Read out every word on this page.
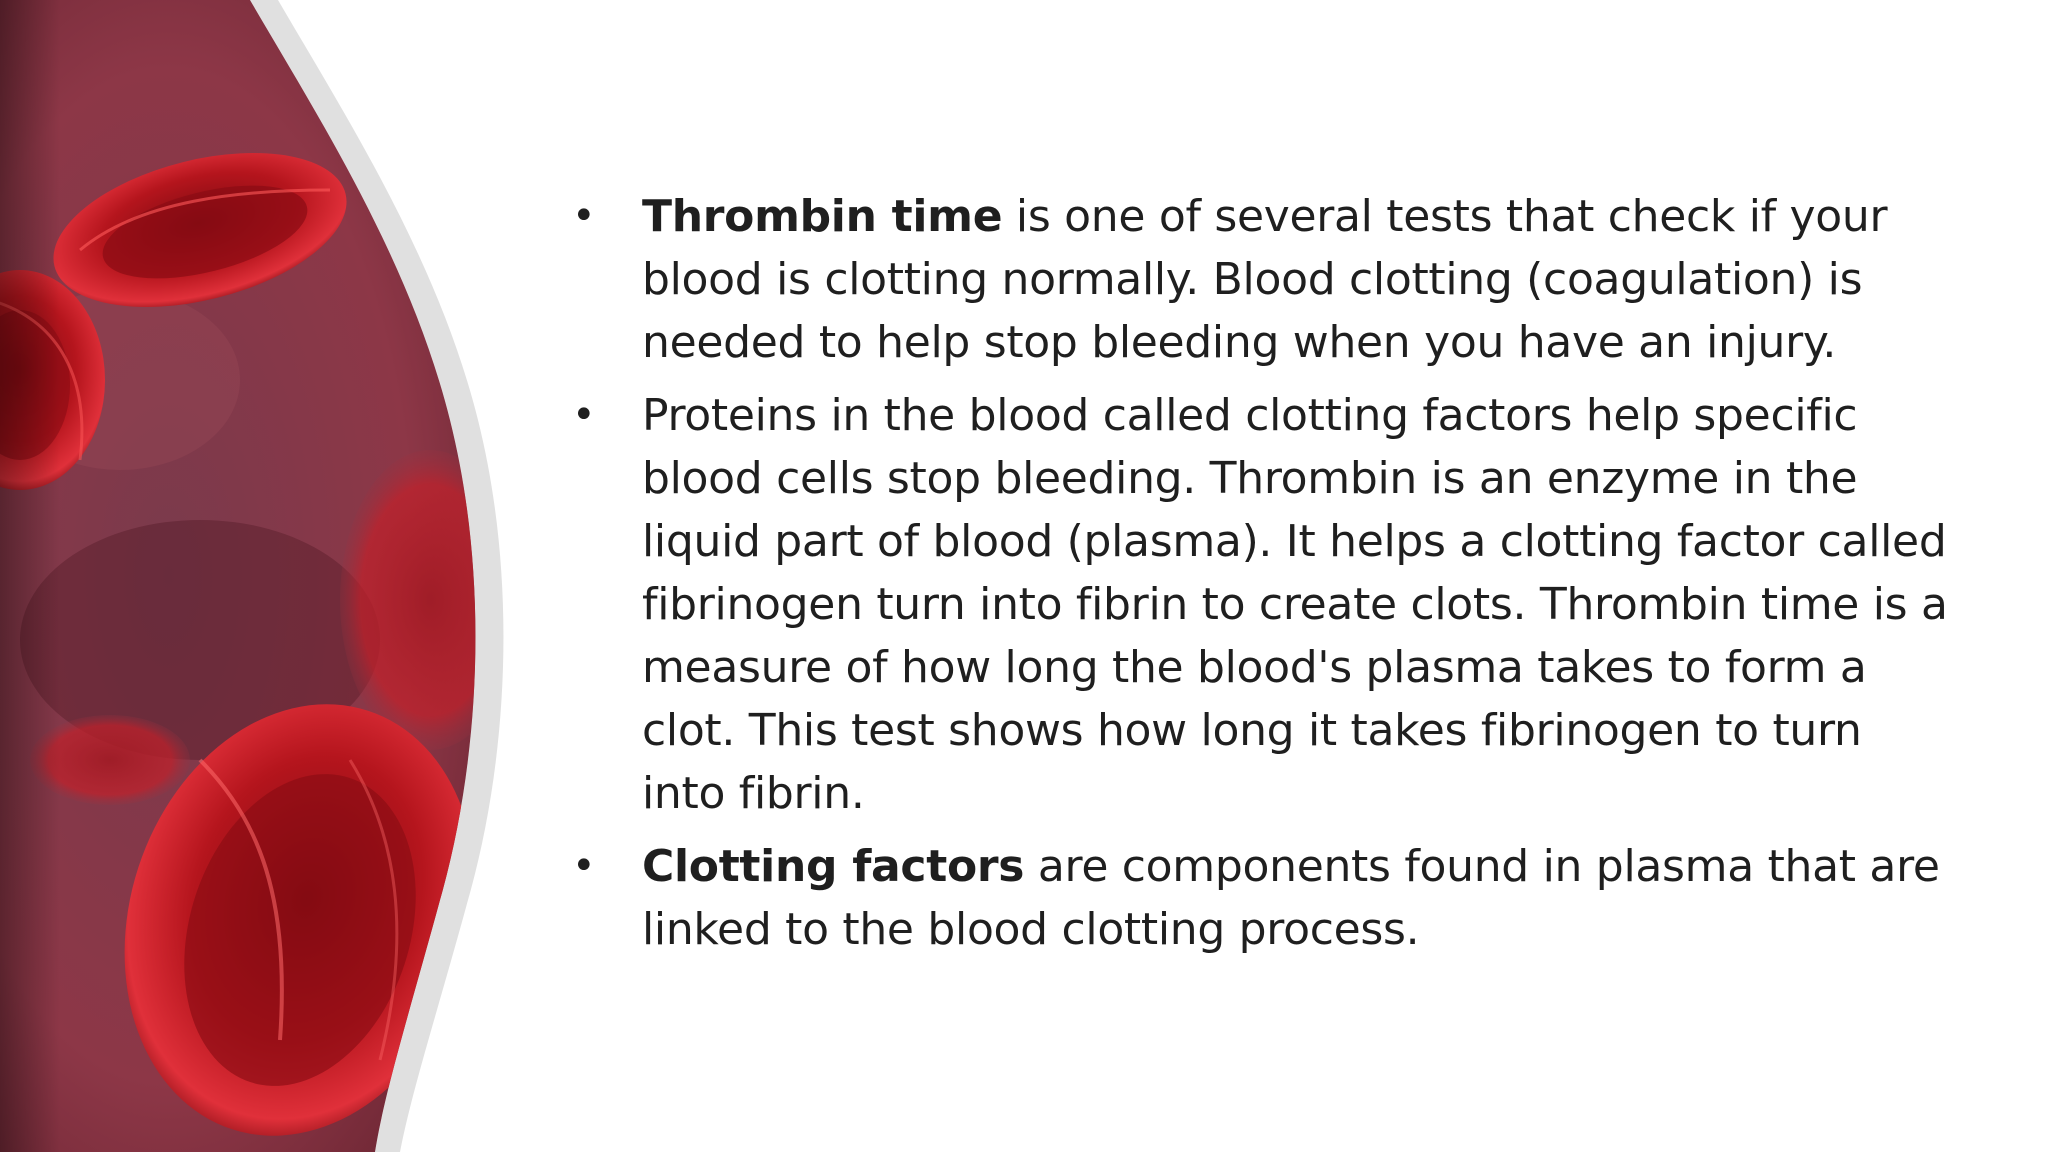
• Thrombin time is one of several tests that check if your blood is clotting normally. Blood clotting (coagulation) is needed to help stop bleeding when you have an injury.
• Proteins in the blood called clotting factors help specific blood cells stop bleeding. Thrombin is an enzyme in the liquid part of blood (plasma). It helps a clotting factor called fibrinogen turn into fibrin to create clots. Thrombin time is a measure of how long the blood's plasma takes to form a clot. This test shows how long it takes fibrinogen to turn into fibrin.
• Clotting factors are components found in plasma that are linked to the blood clotting process.
